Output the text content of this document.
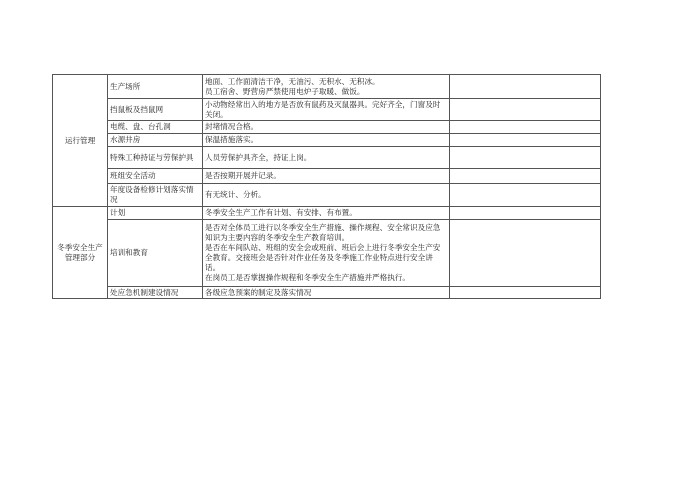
运行管理	生产场所	地面、工作面清洁干净，无油污、无积水、无积冰。
员工宿舍、野营房严禁使用电炉子取暖、做饭。	

	挡鼠板及挡鼠网	小动物经常出入的地方是否放有鼠药及灭鼠器具。完好齐全，门窗及时关闭。	
	电缆、盘、台孔洞	封堵情况合格。	
	水源井房	保温措施落实。	
	特殊工种持证与劳保护具	人员劳保护具齐全，持证上岗。	
	班组安全活动	是否按期开展并记录。	
	年度设备检修计划落实情况	有无统计、分析。	
冬季安全生产管理部分	计划	冬季安全生产工作有计划、有安排、有布置。	
	培训和教育	是否对全体员工进行以冬季安全生产措施、操作规程、安全常识及应急知识为主要内容的冬季安全生产教育培训。
是否在车间队站、班组的安全会或班前、班后会上进行冬季安全生产安全教育。交接班会是否针对作业任务及冬季施工作业特点进行安全讲话。
在岗员工是否掌握操作规程和冬季安全生产措施并严格执行。	

	处应急机制建设情况	各级应急预案的制定及落实情况	
